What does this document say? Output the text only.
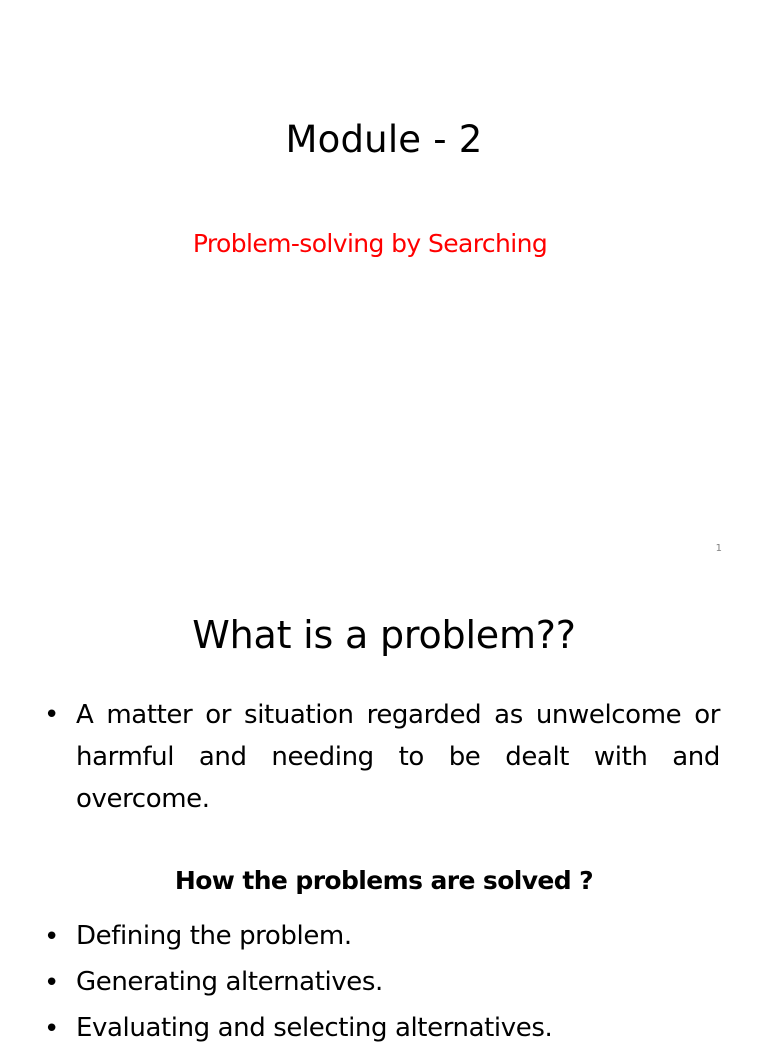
Module - 2
Problem-solving by Searching
1
What is a problem??
• A matter or situation regarded as unwelcome or harmful and needing to be dealt with and overcome.
How the problems are solved ?
• Defining the problem.
• Generating alternatives.
• Evaluating and selecting alternatives.
